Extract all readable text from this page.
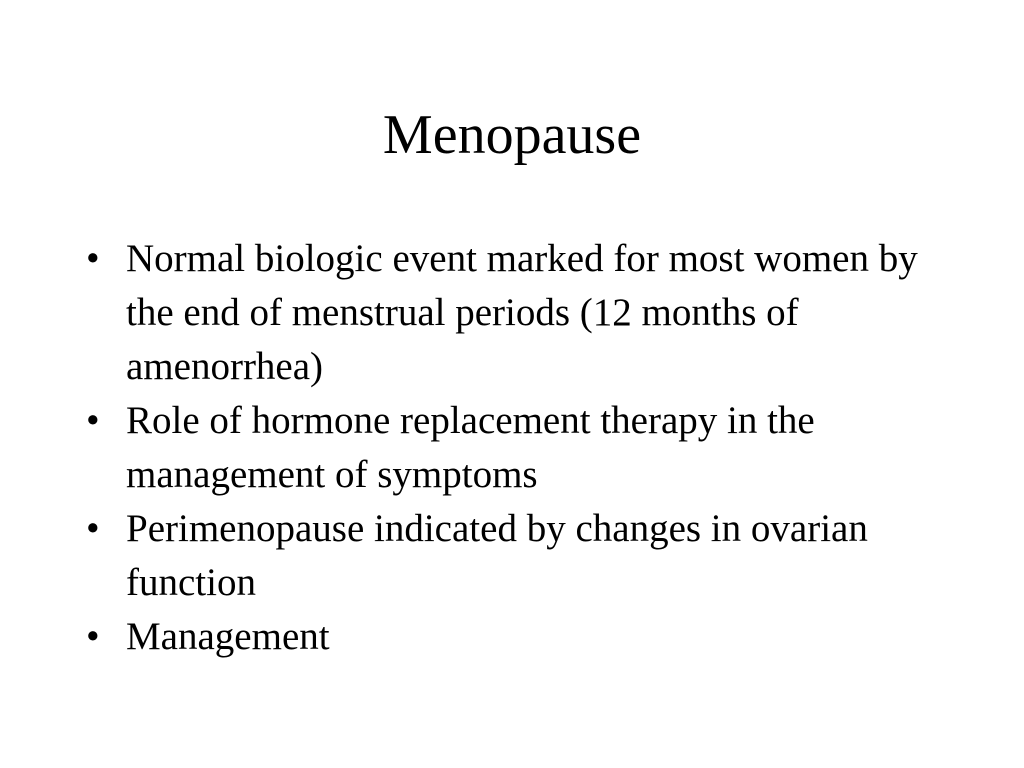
Menopause
• Normal biologic event marked for most women by the end of menstrual periods (12 months of amenorrhea)
• Role of hormone replacement therapy in the management of symptoms
• Perimenopause indicated by changes in ovarian function
• Management
